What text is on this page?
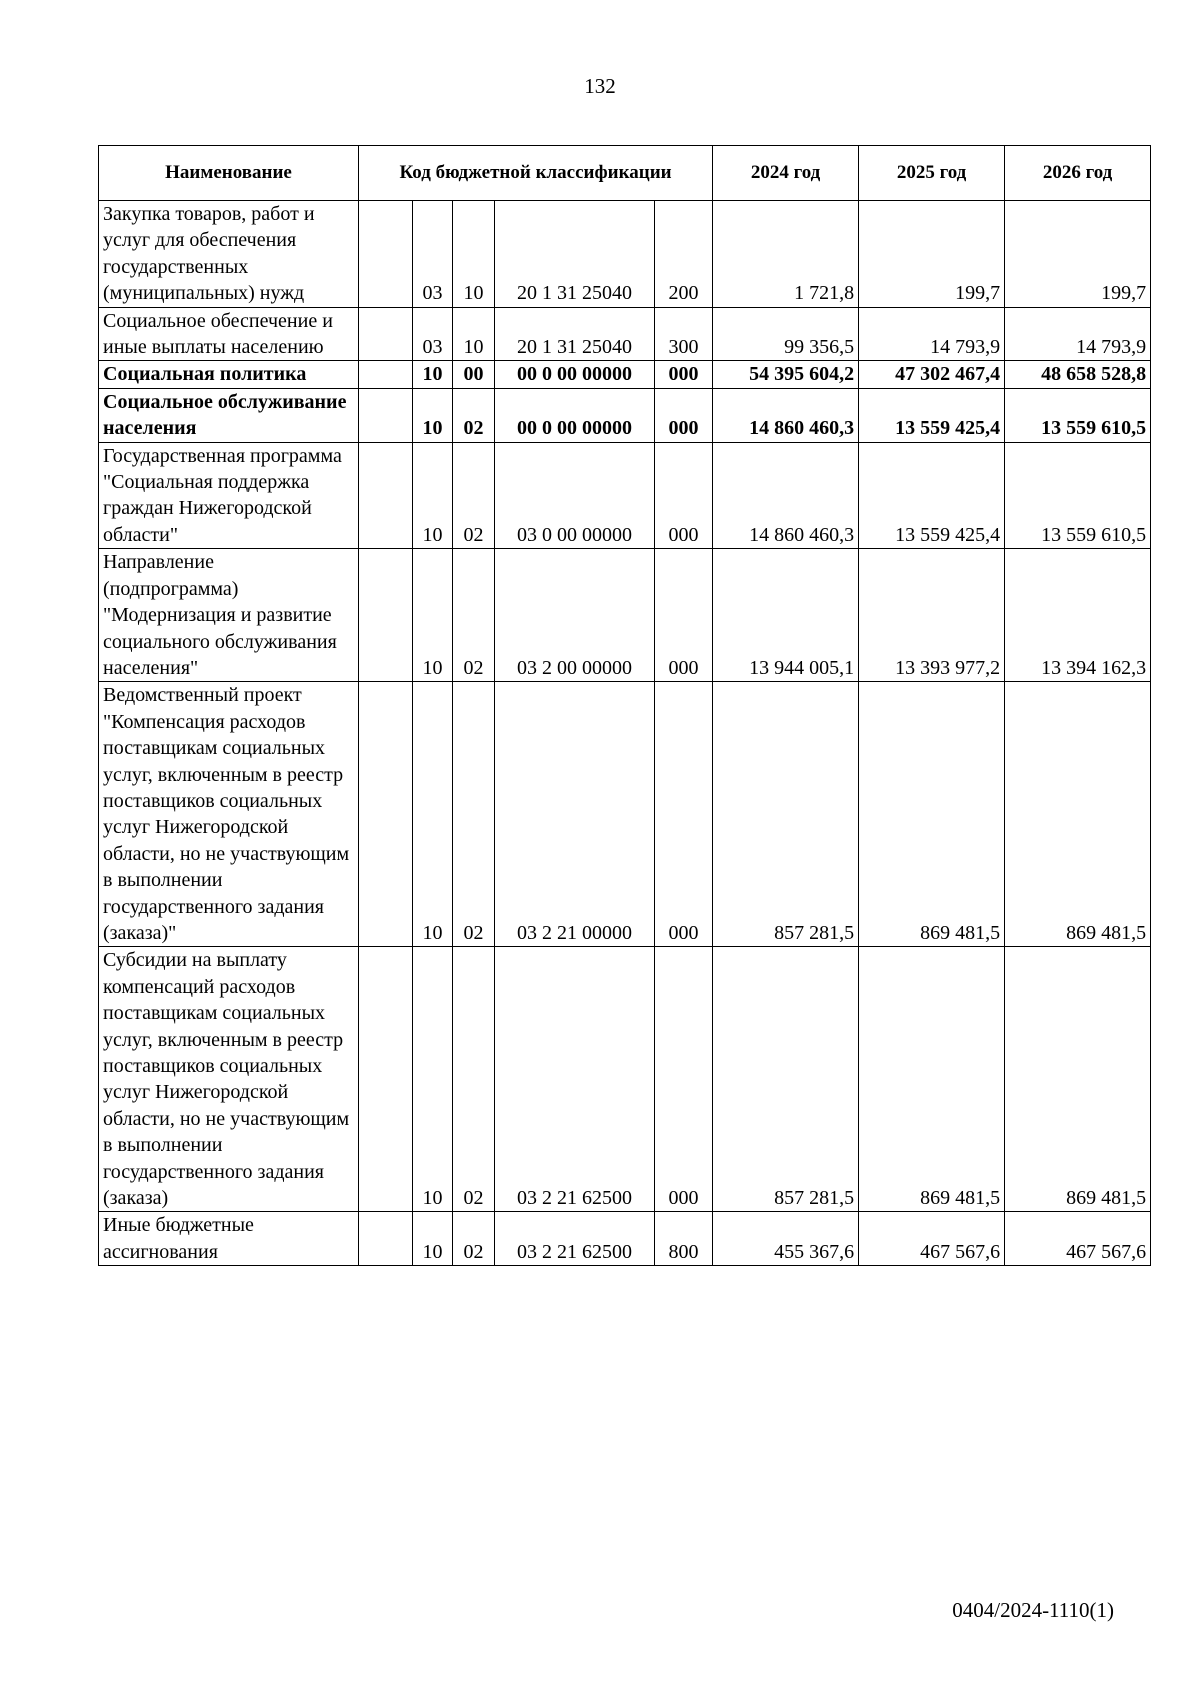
132
Наименование	Код бюджетной классификации					2024 год	2025 год	2026 год
Закупка товаров, работ и услуг для обеспечения государственных (муниципальных) нужд		03	10	20 1 31 25040	200	1 721,8	199,7	199,7
Социальное обеспечение и иные выплаты населению		03	10	20 1 31 25040	300	99 356,5	14 793,9	14 793,9
Социальная политика		10	00	00 0 00 00000	000	54 395 604,2	47 302 467,4	48 658 528,8
Социальное обслуживание населения		10	02	00 0 00 00000	000	14 860 460,3	13 559 425,4	13 559 610,5
Государственная программа "Социальная поддержка граждан Нижегородской области"		10	02	03 0 00 00000	000	14 860 460,3	13 559 425,4	13 559 610,5
Направление (подпрограмма) "Модернизация и развитие социального обслуживания населения"		10	02	03 2 00 00000	000	13 944 005,1	13 393 977,2	13 394 162,3
Ведомственный проект "Компенсация расходов поставщикам социальных услуг, включенным в реестр поставщиков социальных услуг Нижегородской области, но не участвующим в выполнении государственного задания (заказа)"		10	02	03 2 21 00000	000	857 281,5	869 481,5	869 481,5
Субсидии на выплату компенсаций расходов поставщикам социальных услуг, включенным в реестр поставщиков социальных услуг Нижегородской области, но не участвующим в выполнении государственного задания (заказа)		10	02	03 2 21 62500	000	857 281,5	869 481,5	869 481,5
Иные бюджетные ассигнования		10	02	03 2 21 62500	800	455 367,6	467 567,6	467 567,6
0404/2024-1110(1)
